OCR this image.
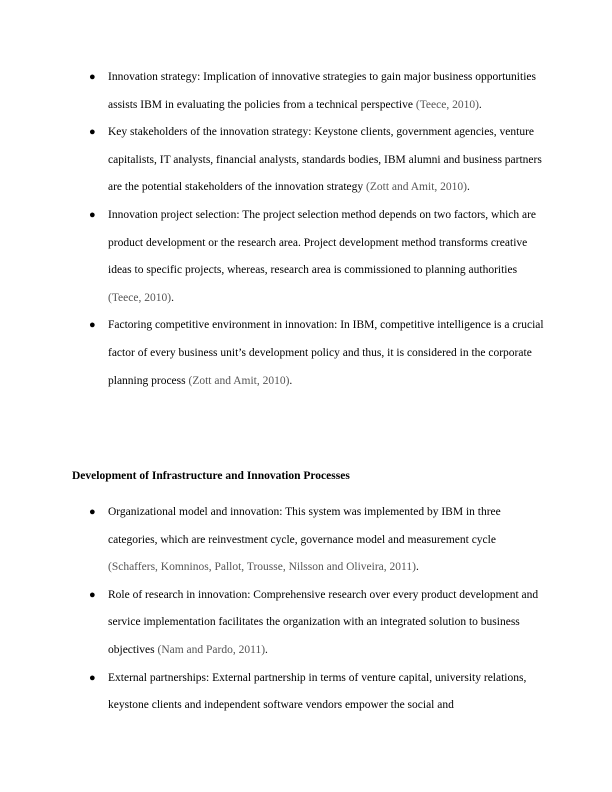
● Innovation strategy: Implication of innovative strategies to gain major business opportunities assists IBM in evaluating the policies from a technical perspective (Teece, 2010).
● Key stakeholders of the innovation strategy: Keystone clients, government agencies, venture capitalists, IT analysts, financial analysts, standards bodies, IBM alumni and business partners are the potential stakeholders of the innovation strategy (Zott and Amit, 2010).
● Innovation project selection: The project selection method depends on two factors, which are product development or the research area. Project development method transforms creative ideas to specific projects, whereas, research area is commissioned to planning authorities (Teece, 2010).
● Factoring competitive environment in innovation: In IBM, competitive intelligence is a crucial factor of every business unit’s development policy and thus, it is considered in the corporate planning process (Zott and Amit, 2010).
Development of Infrastructure and Innovation Processes
● Organizational model and innovation: This system was implemented by IBM in three categories, which are reinvestment cycle, governance model and measurement cycle (Schaffers, Komninos, Pallot, Trousse, Nilsson and Oliveira, 2011).
● Role of research in innovation: Comprehensive research over every product development and service implementation facilitates the organization with an integrated solution to business objectives (Nam and Pardo, 2011).
● External partnerships: External partnership in terms of venture capital, university relations, keystone clients and independent software vendors empower the social and
